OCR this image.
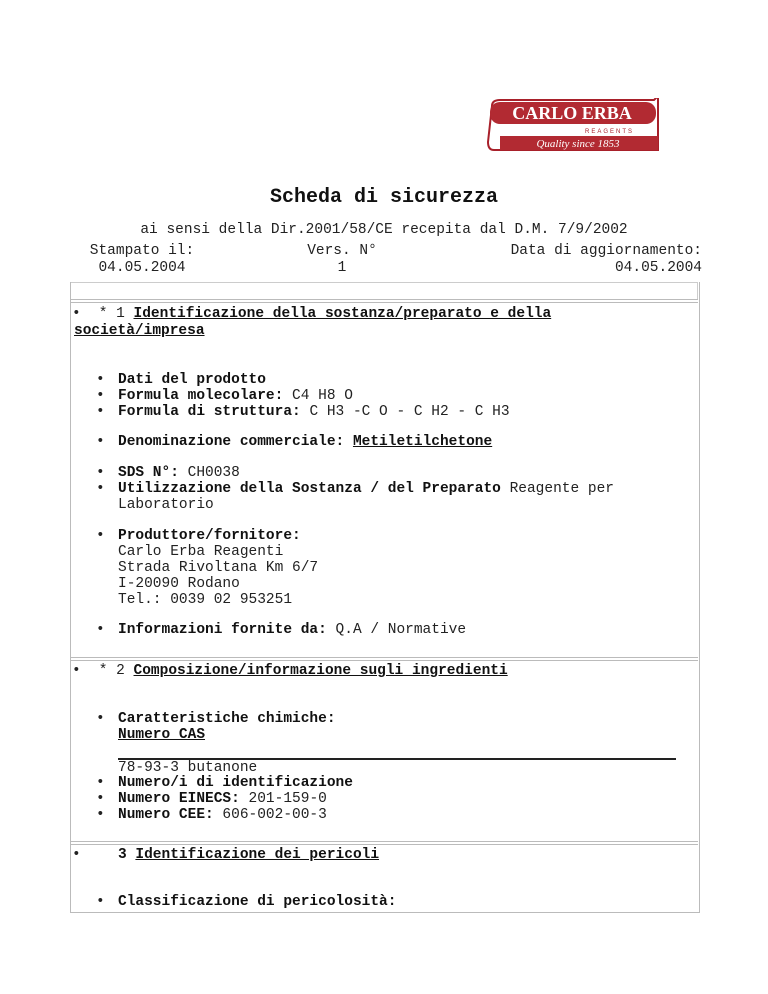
CARLO ERBA
REAGENTS
Quality since 1853
Scheda di sicurezza
ai sensi della Dir.2001/58/CE recepita dal D.M. 7/9/2002
Stampato il:
04.05.2004
Vers. N°
1
Data di aggiornamento:
04.05.2004
•	* 1 Identificazione della sostanza/preparato e della
società/impresa
• Dati del prodotto
• Formula molecolare: C4 H8 O
• Formula di struttura: C H3 -C O - C H2 - C H3
• Denominazione commerciale: Metiletilchetone
• SDS N°: CH0038
• Utilizzazione della Sostanza / del Preparato Reagente per
Laboratorio
• Produttore/fornitore:
Carlo Erba Reagenti
Strada Rivoltana Km 6/7
I-20090 Rodano
Tel.: 0039 02 953251
• Informazioni fornite da: Q.A / Normative
•	* 2 Composizione/informazione sugli ingredienti
• Caratteristiche chimiche:
Numero CAS
78-93-3 butanone
• Numero/i di identificazione
• Numero EINECS: 201-159-0
• Numero CEE: 606-002-00-3
•	3 Identificazione dei pericoli
• Classificazione di pericolosità:
